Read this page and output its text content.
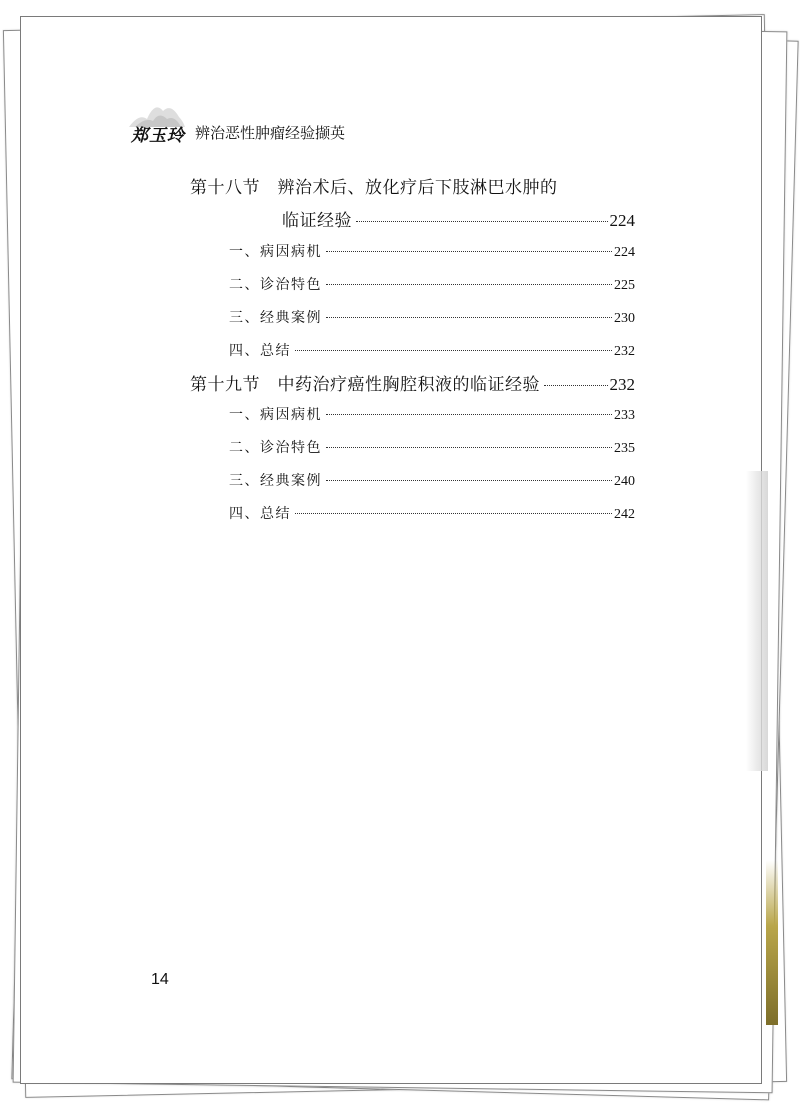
郑玉玲 辨治恶性肿瘤经验撷英
第十八节　辨治术后、放化疗后下肢淋巴水肿的
临证经验	224
一、病因病机	224
二、诊治特色	225
三、经典案例	230
四、总结	232
第十九节　中药治疗癌性胸腔积液的临证经验	232
一、病因病机	233
二、诊治特色	235
三、经典案例	240
四、总结	242
14
